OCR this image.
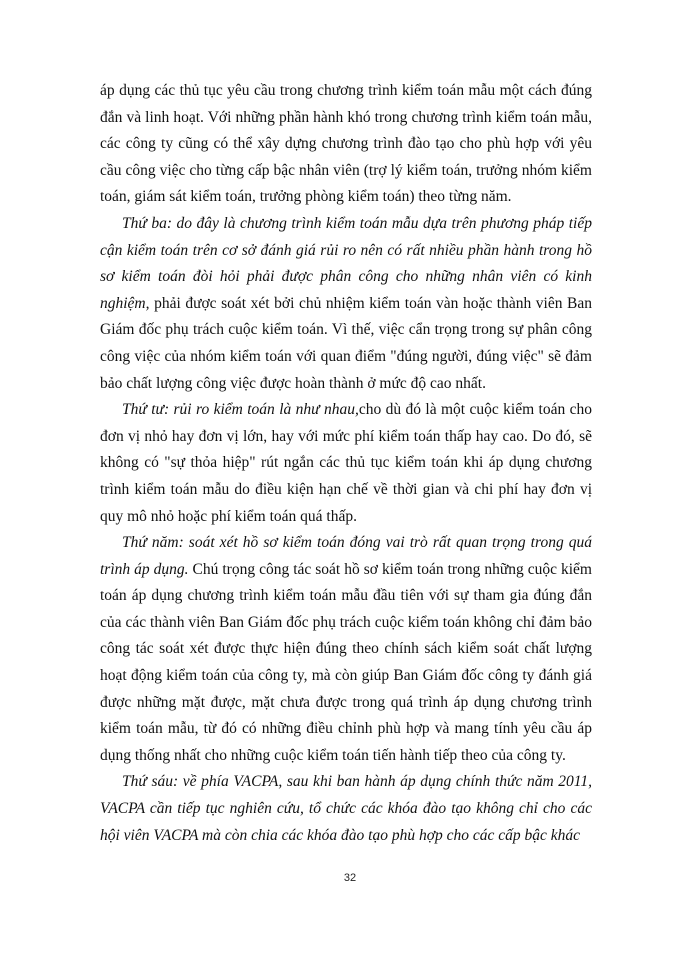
áp dụng các thủ tục yêu cầu trong chương trình kiểm toán mẫu một cách đúng đắn và linh hoạt. Với những phần hành khó trong chương trình kiểm toán mẫu, các công ty cũng có thể xây dựng chương trình đào tạo cho phù hợp với yêu cầu công việc cho từng cấp bậc nhân viên (trợ lý kiểm toán, trưởng nhóm kiểm toán, giám sát kiểm toán, trưởng phòng kiểm toán) theo từng năm.

Thứ ba: do đây là chương trình kiểm toán mẫu dựa trên phương pháp tiếp cận kiểm toán trên cơ sở đánh giá rủi ro nên có rất nhiều phần hành trong hồ sơ kiểm toán đòi hỏi phải được phân công cho những nhân viên có kinh nghiệm, phải được soát xét bởi chủ nhiệm kiểm toán vàn hoặc thành viên Ban Giám đốc phụ trách cuộc kiểm toán. Vì thế, việc cẩn trọng trong sự phân công công việc của nhóm kiểm toán với quan điểm "đúng người, đúng việc" sẽ đảm bảo chất lượng công việc được hoàn thành ở mức độ cao nhất.

Thứ tư: rủi ro kiểm toán là như nhau,cho dù đó là một cuộc kiểm toán cho đơn vị nhỏ hay đơn vị lớn, hay với mức phí kiểm toán thấp hay cao. Do đó, sẽ không có "sự thỏa hiệp" rút ngắn các thủ tục kiểm toán khi áp dụng chương trình kiểm toán mẫu do điều kiện hạn chế về thời gian và chi phí hay đơn vị quy mô nhỏ hoặc phí kiểm toán quá thấp.

Thứ năm: soát xét hồ sơ kiểm toán đóng vai trò rất quan trọng trong quá trình áp dụng. Chú trọng công tác soát hồ sơ kiểm toán trong những cuộc kiểm toán áp dụng chương trình kiểm toán mẫu đầu tiên với sự tham gia đúng đắn của các thành viên Ban Giám đốc phụ trách cuộc kiểm toán không chỉ đảm bảo công tác soát xét được thực hiện đúng theo chính sách kiểm soát chất lượng hoạt động kiểm toán của công ty, mà còn giúp Ban Giám đốc công ty đánh giá được những mặt được, mặt chưa được trong quá trình áp dụng chương trình kiểm toán mẫu, từ đó có những điều chỉnh phù hợp và mang tính yêu cầu áp dụng thống nhất cho những cuộc kiểm toán tiến hành tiếp theo của công ty.

Thứ sáu: về phía VACPA, sau khi ban hành áp dụng chính thức năm 2011, VACPA cần tiếp tục nghiên cứu, tổ chức các khóa đào tạo không chỉ cho các hội viên VACPA mà còn chia các khóa đào tạo phù hợp cho các cấp bậc khác

32
